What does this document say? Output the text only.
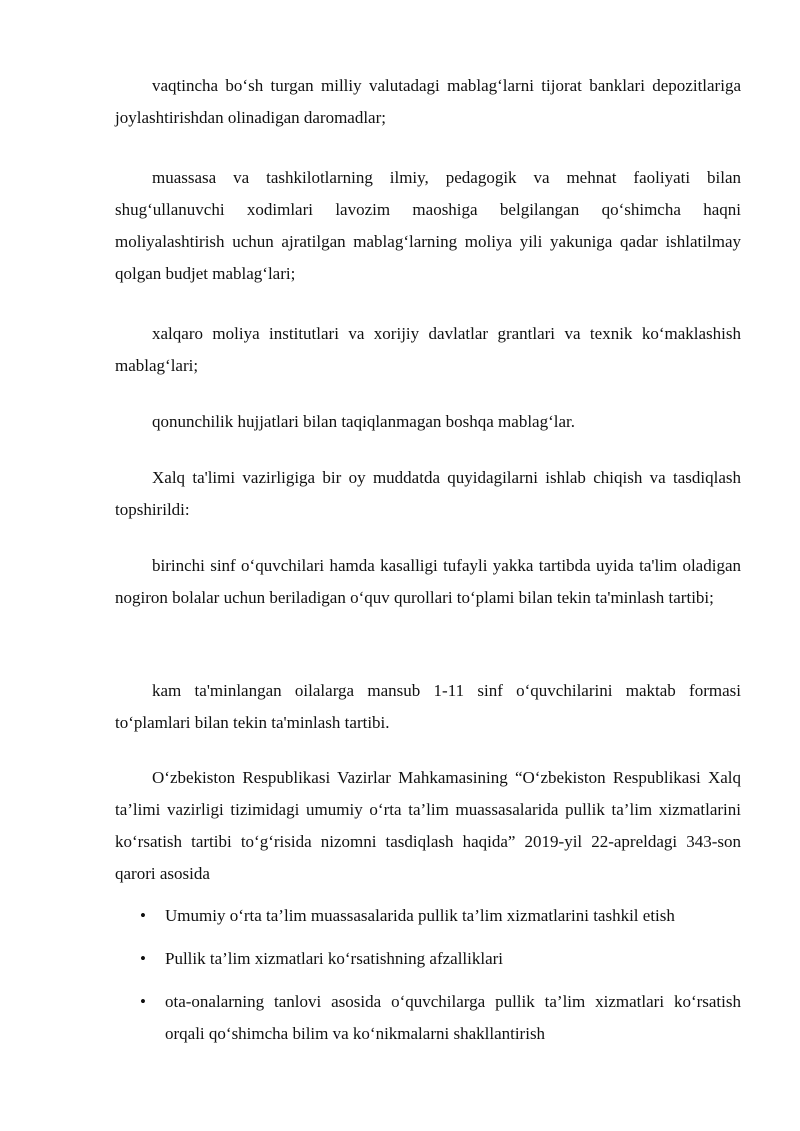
vaqtincha bo‘sh turgan milliy valutadagi mablag‘larni tijorat banklari depozitlariga joylashtirishdan olinadigan daromadlar;

muassasa va tashkilotlarning ilmiy, pedagogik va mehnat faoliyati bilan shug‘ullanuvchi xodimlari lavozim maoshiga belgilangan qo‘shimcha haqni moliyalashtirish uchun ajratilgan mablag‘larning moliya yili yakuniga qadar ishlatilmay qolgan budjet mablag‘lari;

xalqaro moliya institutlari va xorijiy davlatlar grantlari va texnik ko‘maklashish mablag‘lari;

qonunchilik hujjatlari bilan taqiqlanmagan boshqa mablag‘lar.

Xalq ta'limi vazirligiga bir oy muddatda quyidagilarni ishlab chiqish va tasdiqlash topshirildi:

birinchi sinf o‘quvchilari hamda kasalligi tufayli yakka tartibda uyida ta'lim oladigan nogiron bolalar uchun beriladigan o‘quv qurollari to‘plami bilan tekin ta'minlash tartibi;

kam ta'minlangan oilalarga mansub 1-11 sinf o‘quvchilarini maktab formasi to‘plamlari bilan tekin ta'minlash tartibi.

O‘zbekiston Respublikasi Vazirlar Mahkamasining “O‘zbekiston Respublikasi Xalq ta’limi vazirligi tizimidagi umumiy o‘rta ta’lim muassasalarida pullik ta’lim xizmatlarini ko‘rsatish tartibi to‘g‘risida nizomni tasdiqlash haqida” 2019-yil 22-apreldagi 343-son qarori asosida

•	Umumiy o‘rta ta’lim muassasalarida pullik ta’lim xizmatlarini tashkil etish
•	Pullik ta’lim xizmatlari ko‘rsatishning afzalliklari
•	ota-onalarning tanlovi asosida o‘quvchilarga pullik ta’lim xizmatlari ko‘rsatish orqali qo‘shimcha bilim va ko‘nikmalarni shakllantirish
